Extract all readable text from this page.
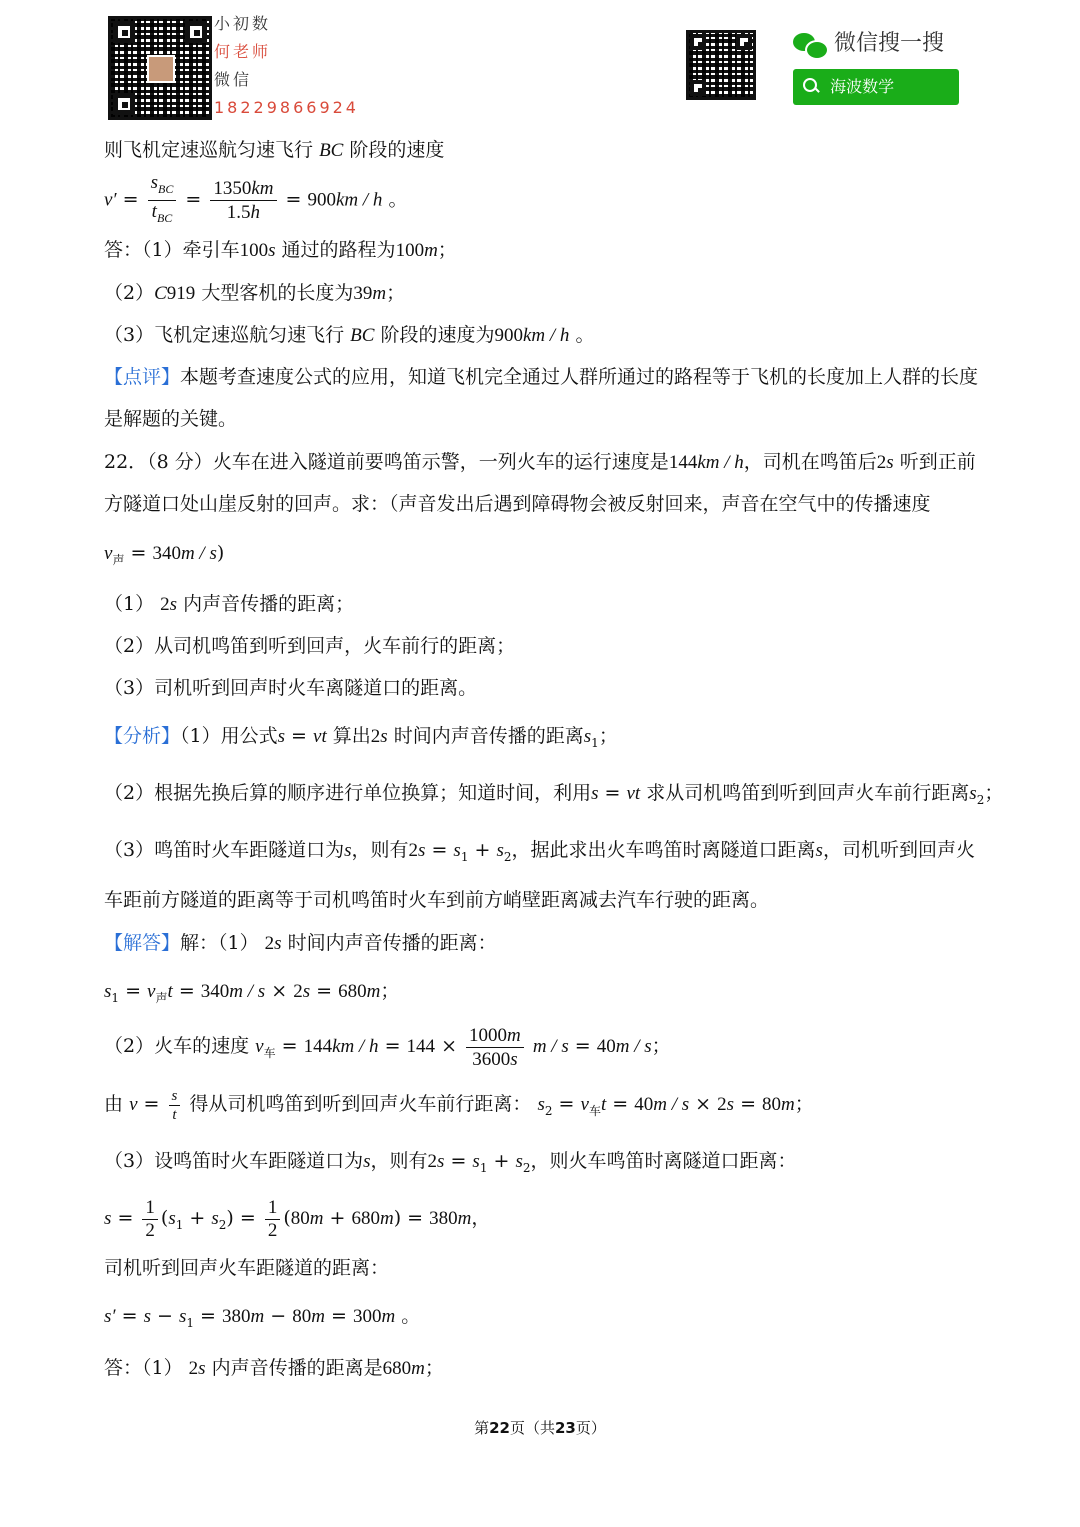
小初数
何老师
微信
18229866924
微信搜一搜
海波数学
则飞机定速巡航匀速飞行 BC 阶段的速度
$v' = \frac{s_{BC}}{t_{BC}} = \frac{1350km}{1.5h} = 900km / h$ 。
答：（1）牵引车100s 通过的路程为100m；
（2）C919 大型客机的长度为39m；
（3）飞机定速巡航匀速飞行 BC 阶段的速度为900km / h 。
【点评】本题考查速度公式的应用，知道飞机完全通过人群所通过的路程等于飞机的长度加上人群的长度
是解题的关键。
22．（8 分）火车在进入隧道前要鸣笛示警，一列火车的运行速度是144km / h，司机在鸣笛后2s 听到正前
方隧道口处山崖反射的回声。求：（声音发出后遇到障碍物会被反射回来，声音在空气中的传播速度
$v_声 = 340m / s$)
（1） 2s 内声音传播的距离；
（2）从司机鸣笛到听到回声，火车前行的距离；
（3）司机听到回声时火车离隧道口的距离。
【分析】（1）用公式s = vt 算出2s 时间内声音传播的距离$s_1$；
（2）根据先换后算的顺序进行单位换算；知道时间，利用s = vt 求从司机鸣笛到听到回声火车前行距离$s_2$；
（3）鸣笛时火车距隧道口为s，则有$2s = s_1 + s_2$，据此求出火车鸣笛时离隧道口距离s，司机听到回声火
车距前方隧道的距离等于司机鸣笛时火车到前方峭壁距离减去汽车行驶的距离。
【解答】解：（1） 2s 时间内声音传播的距离：
$s_1 = v_声t = 340m / s \times 2s = 680m$；
（2）火车的速度 $v_车 = 144km / h = 144 \times \frac{1000m}{3600s}$ m / s = 40m / s；
由 $v = \frac{s}{t}$ 得从司机鸣笛到听到回声火车前行距离： $s_2 = v_车t = 40m / s \times 2s = 80m$；
（3）设鸣笛时火车距隧道口为s，则有$2s = s_1 + s_2$，则火车鸣笛时离隧道口距离：
$s = \frac{1}{2} (s_1 + s_2) = \frac{1}{2} (80m + 680m) = 380m$，
司机听到回声火车距隧道的距离：
$s' = s - s_1 = 380m - 80m = 300m$ 。
答：（1） 2s 内声音传播的距离是680m；
第22页（共23页）
